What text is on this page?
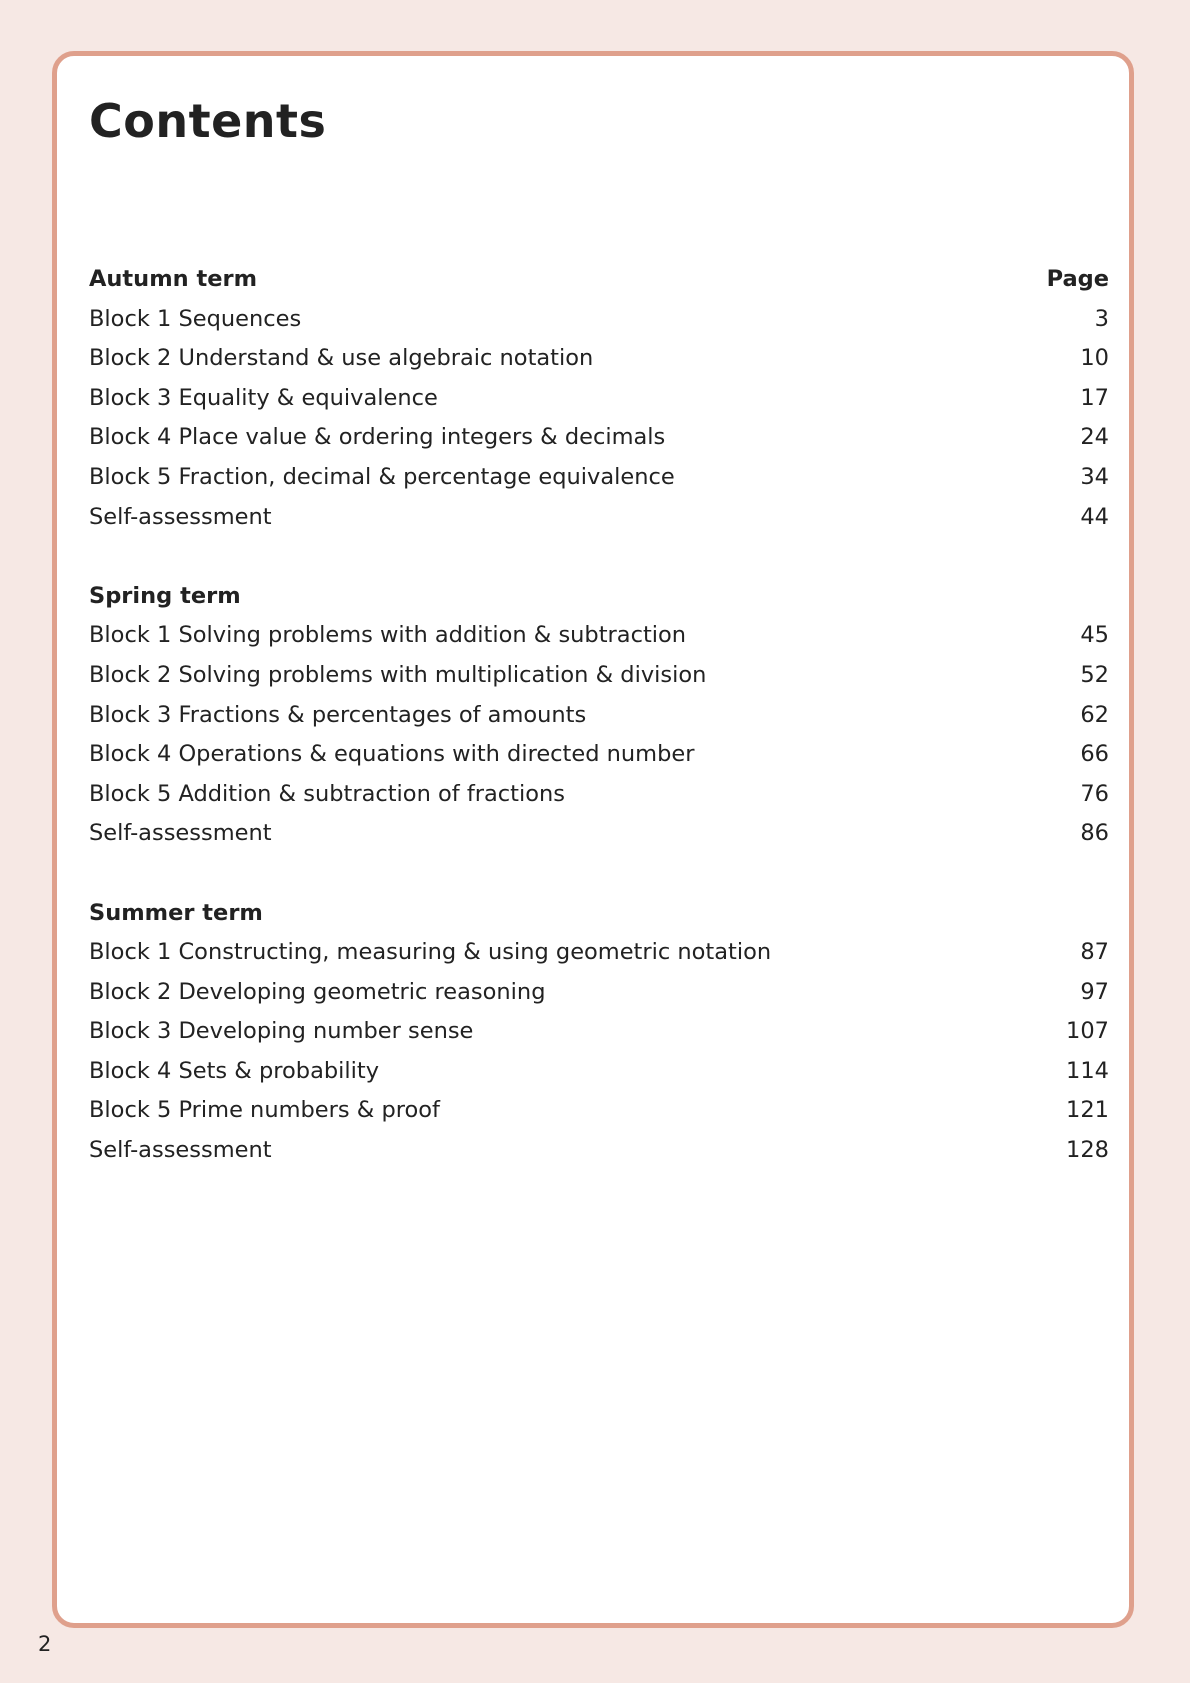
Contents
Autumn term	Page
Block 1 Sequences	3
Block 2 Understand & use algebraic notation	10
Block 3 Equality & equivalence	17
Block 4 Place value & ordering integers & decimals	24
Block 5 Fraction, decimal & percentage equivalence	34
Self-assessment	44
Spring term
Block 1 Solving problems with addition & subtraction	45
Block 2 Solving problems with multiplication & division	52
Block 3 Fractions & percentages of amounts	62
Block 4 Operations & equations with directed number	66
Block 5 Addition & subtraction of fractions	76
Self-assessment	86
Summer term
Block 1 Constructing, measuring & using geometric notation	87
Block 2 Developing geometric reasoning	97
Block 3 Developing number sense	107
Block 4 Sets & probability	114
Block 5 Prime numbers & proof	121
Self-assessment	128
2
